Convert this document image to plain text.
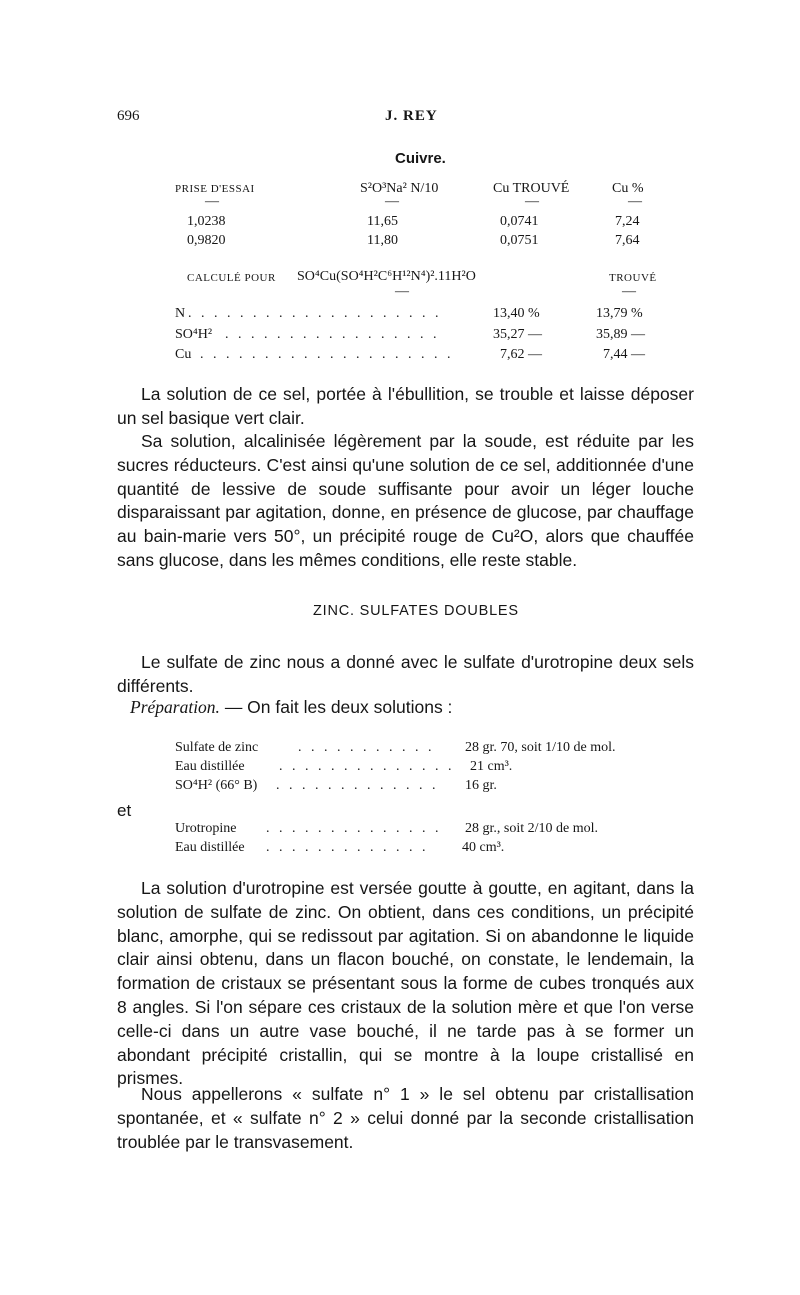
696	J. REY
Cuivre.
PRISE D'ESSAI	S²O³Na² N/10	Cu TROUVÉ	Cu %
—	—	—	—
1,0238	11,65	0,0741	7,24
0,9820	11,80	0,0751	7,64
CALCULÉ POUR SO⁴Cu(SO⁴H²C⁶H¹²N⁴)².11H²O	TROUVÉ
—	—
N . . . . . . . . . . . . . . . . . . . .	13,40 %	13,79 %
SO⁴H² . . . . . . . . . . . . . . . . .	35,27 —	35,89 —
Cu . . . . . . . . . . . . . . . . . . . .	7,62 —	7,44 —

La solution de ce sel, portée à l'ébullition, se trouble et laisse déposer un sel basique vert clair.

Sa solution, alcalinisée légèrement par la soude, est réduite par les sucres réducteurs. C'est ainsi qu'une solution de ce sel, additionnée d'une quantité de lessive de soude suffisante pour avoir un léger louche disparaissant par agitation, donne, en présence de glucose, par chauffage au bain-marie vers 50°, un précipité rouge de Cu²O, alors que chauffée sans glucose, dans les mêmes conditions, elle reste stable.

ZINC. SULFATES DOUBLES

Le sulfate de zinc nous a donné avec le sulfate d'urotropine deux sels différents.

Préparation. — On fait les deux solutions :
Sulfate de zinc	. . . . . . . . . . . 28 gr. 70, soit 1/10 de mol.
Eau distillée . . . . . . . . . . . . . . 21 cm³.
SO⁴H² (66° B) . . . . . . . . . . . . . 16 gr.
et
Urotropine . . . . . . . . . . . . . . 28 gr., soit 2/10 de mol.
Eau distillée . . . . . . . . . . . . . 40 cm³.

La solution d'urotropine est versée goutte à goutte, en agitant, dans la solution de sulfate de zinc. On obtient, dans ces conditions, un précipité blanc, amorphe, qui se redissout par agitation. Si on abandonne le liquide clair ainsi obtenu, dans un flacon bouché, on constate, le lendemain, la formation de cristaux se présentant sous la forme de cubes tronqués aux 8 angles. Si l'on sépare ces cristaux de la solution mère et que l'on verse celle-ci dans un autre vase bouché, il ne tarde pas à se former un abondant précipité cristallin, qui se montre à la loupe cristallisé en prismes.

Nous appellerons « sulfate n° 1 » le sel obtenu par cristallisation spontanée, et « sulfate n° 2 » celui donné par la seconde cristallisation troublée par le transvasement.
